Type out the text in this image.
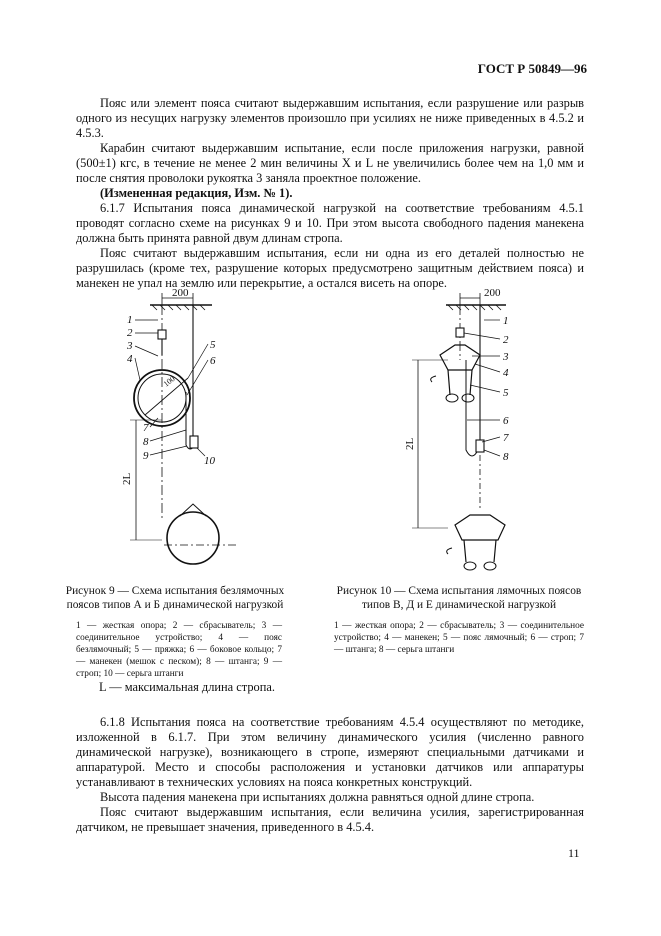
ГОСТ Р 50849—96

Пояс или элемент пояса считают выдержавшим испытания, если разрушение или разрыв одного из несущих нагрузку элементов произошло при усилиях не ниже приведенных в 4.5.2 и 4.5.3.

Карабин считают выдержавшим испытание, если после приложения нагрузки, равной (500±1) кгс, в течение не менее 2 мин величины X и L не увеличились более чем на 1,0 мм и после снятия проволоки рукоятка 3 заняла проектное положение.

(Измененная редакция, Изм. № 1).

6.1.7 Испытания пояса динамической нагрузкой на соответствие требованиям 4.5.1 проводят согласно схеме на рисунках 9 и 10. При этом высота свободного падения манекена должна быть принята равной двум длинам стропа.

Пояс считают выдержавшим испытания, если ни одна из его деталей полностью не разрушилась (кроме тех, разрушение которых предусмотрено защитным действием пояса) и манекен не упал на землю или перекрытие, а остался висеть на опоре.

200
100
2L
1
2
3
4
5
6
7
8
9	10
200
2L
1
2
3
4
5
6
7
8
Рисунок 9 — Схема испытания безлямочных поясов типов А и Б динамической нагрузкой
Рисунок 10 — Схема испытания лямочных поясов типов В, Д и Е динамической нагрузкой
1 — жесткая опора; 2 — сбрасыватель; 3 — соединительное устройство; 4 — пояс безлямочный; 5 — пряжка; 6 — боковое кольцо; 7 — манекен (мешок с песком); 8 — штанга; 9 — строп; 10 — серьга штанги
1 — жесткая опора; 2 — сбрасыватель; 3 — соединительное устройство; 4 — манекен; 5 — пояс лямочный; 6 — строп; 7 — штанга; 8 — серьга штанги
L — максимальная длина стропа.

6.1.8 Испытания пояса на соответствие требованиям 4.5.4 осуществляют по методике, изложенной в 6.1.7. При этом величину динамического усилия (численно равного динамической нагрузке), возникающего в стропе, измеряют специальными датчиками и аппаратурой. Место и способы расположения и установки датчиков или аппаратуры устанавливают в технических условиях на пояса конкретных конструкций.

Высота падения манекена при испытаниях должна равняться одной длине стропа.

Пояс считают выдержавшим испытания, если величина усилия, зарегистрированная датчиком, не превышает значения, приведенного в 4.5.4.

11
